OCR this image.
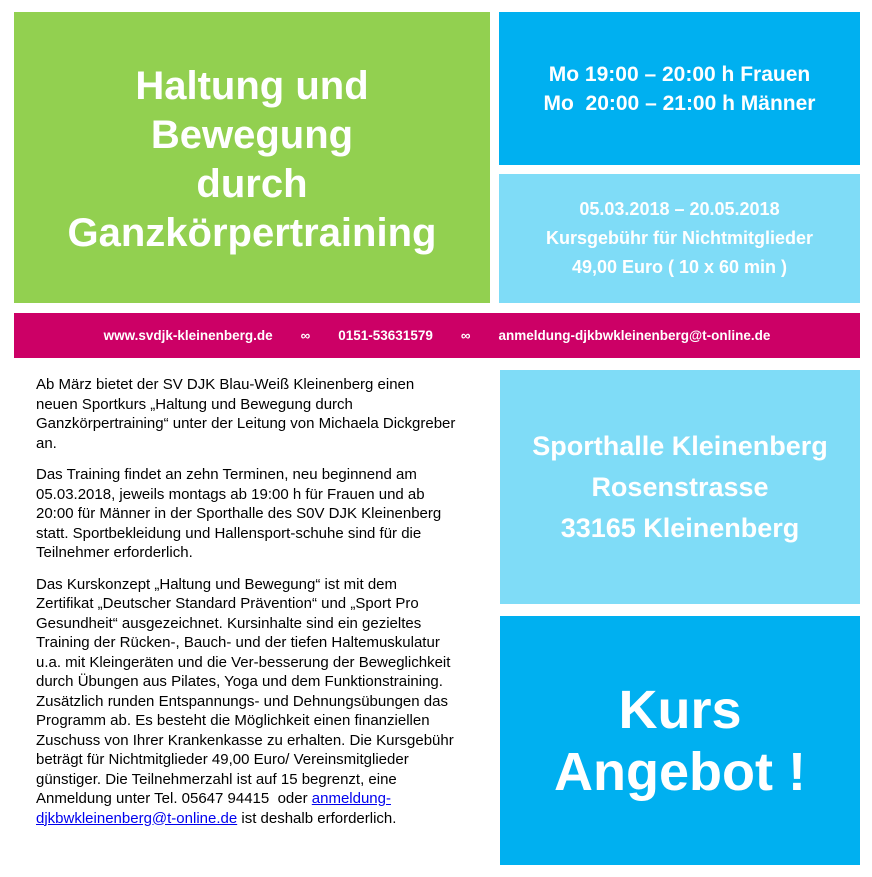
Haltung und
Bewegung
durch
Ganzkörpertraining
Mo 19:00 – 20:00 h Frauen
Mo  20:00 – 21:00 h Männer
05.03.2018 – 20.05.2018
Kursgebühr für Nichtmitglieder
49,00 Euro ( 10 x 60 min )
www.svdjk-kleinenberg.de ∞ 0151-53631579 ∞ anmeldung-djkbwkleinenberg@t-online.de

Ab März bietet der SV DJK Blau-Weiß Kleinenberg einen neuen Sportkurs „Haltung und Bewegung durch Ganzkörpertraining“ unter der Leitung von Michaela Dickgreber an.

Das Training findet an zehn Terminen, neu beginnend am 05.03.2018, jeweils montags ab 19:00 h für Frauen und ab 20:00 für Männer in der Sporthalle des S0V DJK Kleinenberg statt. Sportbekleidung und Hallensport-schuhe sind für die Teilnehmer erforderlich.

Das Kurskonzept „Haltung und Bewegung“ ist mit dem Zertifikat „Deutscher Standard Prävention“ und „Sport Pro Gesundheit“ ausgezeichnet. Kursinhalte sind ein gezieltes Training der Rücken-, Bauch- und der tiefen Haltemuskulatur u.a. mit Kleingeräten und die Ver-besserung der Beweglichkeit durch Übungen aus Pilates, Yoga und dem Funktionstraining. Zusätzlich runden Entspannungs- und Dehnungsübungen das Programm ab. Es besteht die Möglichkeit einen finanziellen Zuschuss von Ihrer Krankenkasse zu erhalten. Die Kursgebühr beträgt für Nichtmitglieder 49,00 Euro/ Vereinsmitglieder günstiger. Die Teilnehmerzahl ist auf 15 begrenzt, eine Anmeldung unter Tel. 05647 94415  oder anmeldung-djkbwkleinenberg@t-online.de ist deshalb erforderlich.

Sporthalle Kleinenberg
Rosenstrasse
33165 Kleinenberg
Kurs
Angebot !
